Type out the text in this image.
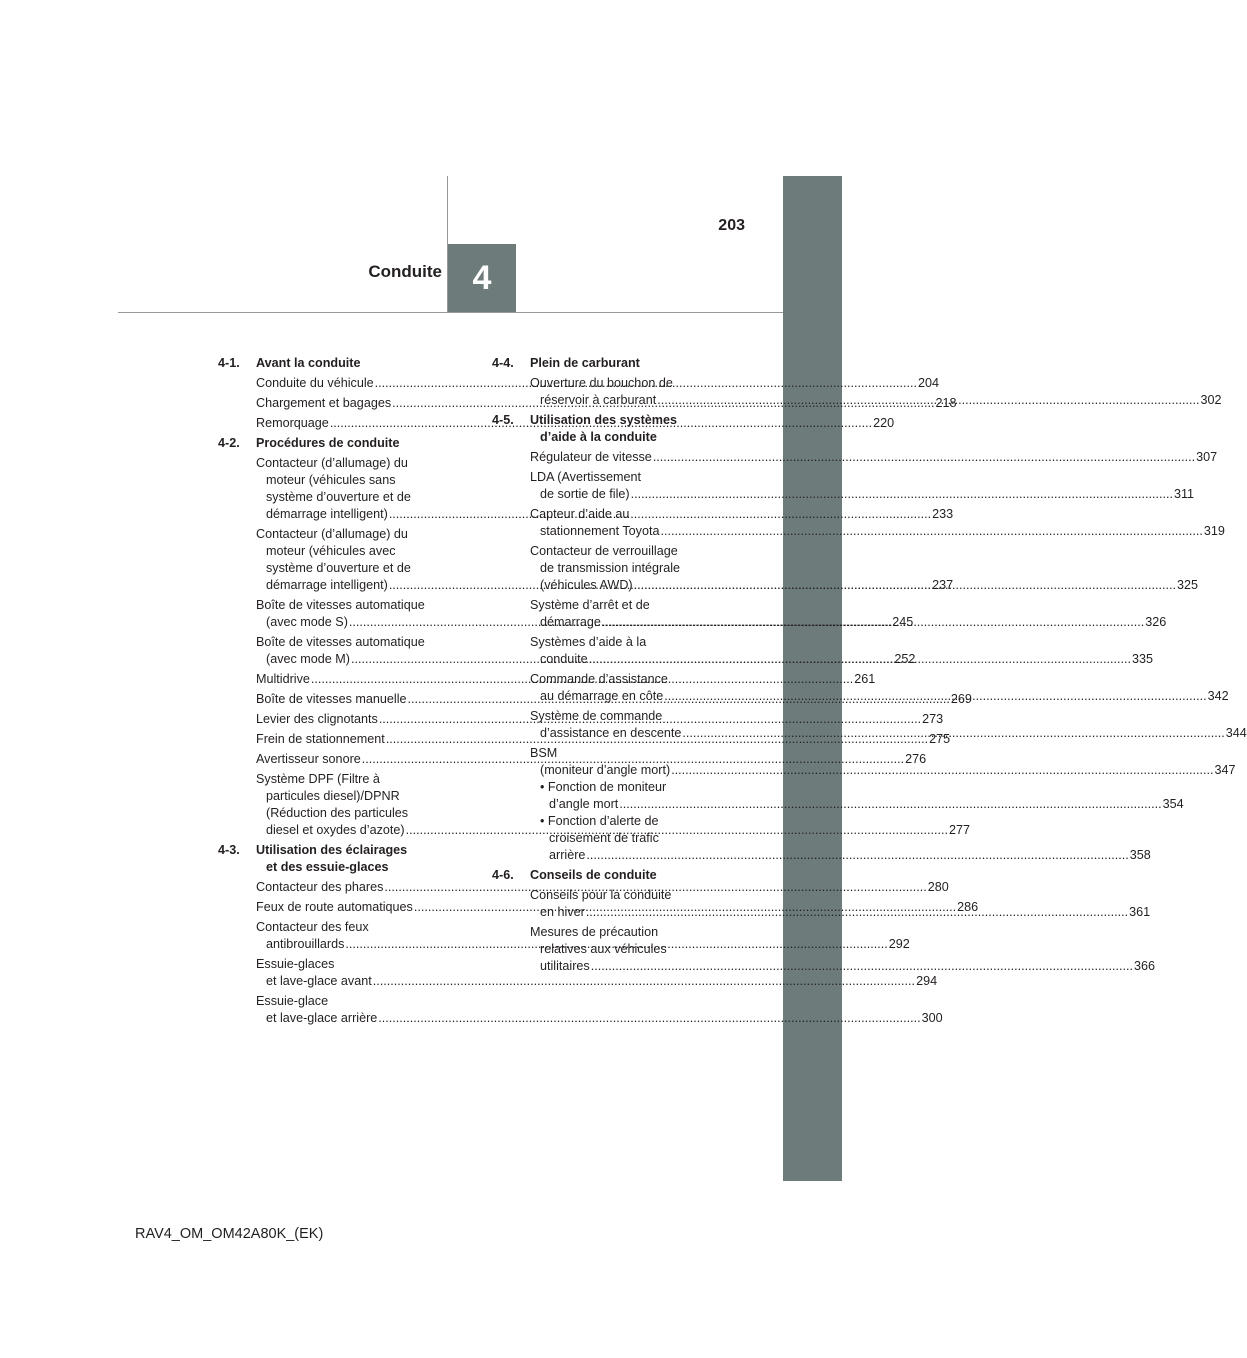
203
Conduite 4
4-1.	Avant la conduite
Conduite du véhicule .....	204
Chargement et bagages .....	218
Remorquage .....	220
4-2.	Procédures de conduite
Contacteur (d’allumage) du
moteur (véhicules sans
système d’ouverture et de
démarrage intelligent) .....	233
Contacteur (d’allumage) du
moteur (véhicules avec
système d’ouverture et de
démarrage intelligent) .....	237
Boîte de vitesses automatique
(avec mode S) .....	245
Boîte de vitesses automatique
(avec mode M) .....	252
Multidrive .....	261
Boîte de vitesses manuelle .....	269
Levier des clignotants .....	273
Frein de stationnement .....	275
Avertisseur sonore .....	276
Système DPF (Filtre à
particules diesel)/DPNR
(Réduction des particules
diesel et oxydes d’azote) .....	277
4-3.	Utilisation des éclairages
et des essuie-glaces
Contacteur des phares .....	280
Feux de route automatiques .....	286
Contacteur des feux
antibrouillards .....	292
Essuie-glaces
et lave-glace avant .....	294
Essuie-glace
et lave-glace arrière .....	300
4-4.	Plein de carburant
Ouverture du bouchon de
réservoir à carburant .....	302
4-5.	Utilisation des systèmes
d’aide à la conduite
Régulateur de vitesse .....	307
LDA (Avertissement
de sortie de file) .....	311
Capteur d’aide au
stationnement Toyota .....	319
Contacteur de verrouillage
de transmission intégrale
(véhicules AWD) .....	325
Système d’arrêt et de
démarrage .....	326
Systèmes d’aide à la
conduite .....	335
Commande d’assistance
au démarrage en côte .....	342
Système de commande
d’assistance en descente .....	344
BSM
(moniteur d’angle mort) .....	347
• Fonction de moniteur
d’angle mort .....	354
• Fonction d’alerte de
croisement de trafic
arrière .....	358
4-6.	Conseils de conduite
Conseils pour la conduite
en hiver .....	361
Mesures de précaution
relatives aux véhicules
utilitaires .....	366
RAV4_OM_OM42A80K_(EK)
